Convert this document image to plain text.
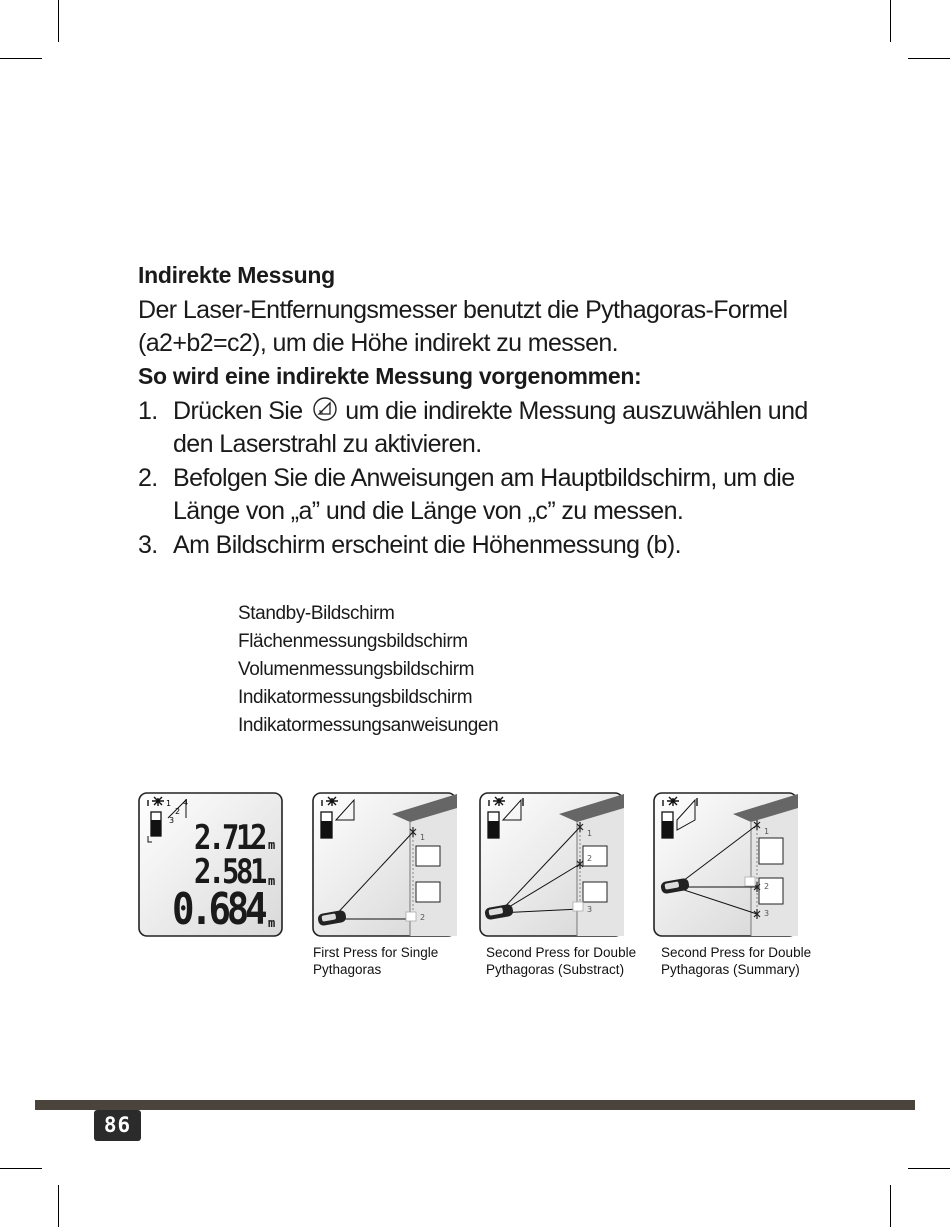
Indirekte Messung

Der Laser-Entfernungsmesser benutzt die Pythagoras-Formel

(a2+b2=c2), um die Höhe indirekt zu messen.

So wird eine indirekte Messung vorgenommen:
1. Drücken Sie um die indirekte Messung auszuwählen und
den Laserstrahl zu aktivieren.
2. Befolgen Sie die Anweisungen am Hauptbildschirm, um die
Länge von „a” und die Länge von „c” zu messen.
3. Am Bildschirm erscheint die Höhenmessung (b).
Standby-Bildschirm
Flächenmessungsbildschirm
Volumenmessungsbildschirm
Indikatormessungsbildschirm
Indikatormessungsanweisungen
1
2
3
4
2.712
2.581
0.684
m
m
m
1
2
First Press for Single
Pythagoras
1
2
3
Second Press for Double
Pythagoras (Substract)
1
2
3
Second Press for Double
Pythagoras (Summary)
86
